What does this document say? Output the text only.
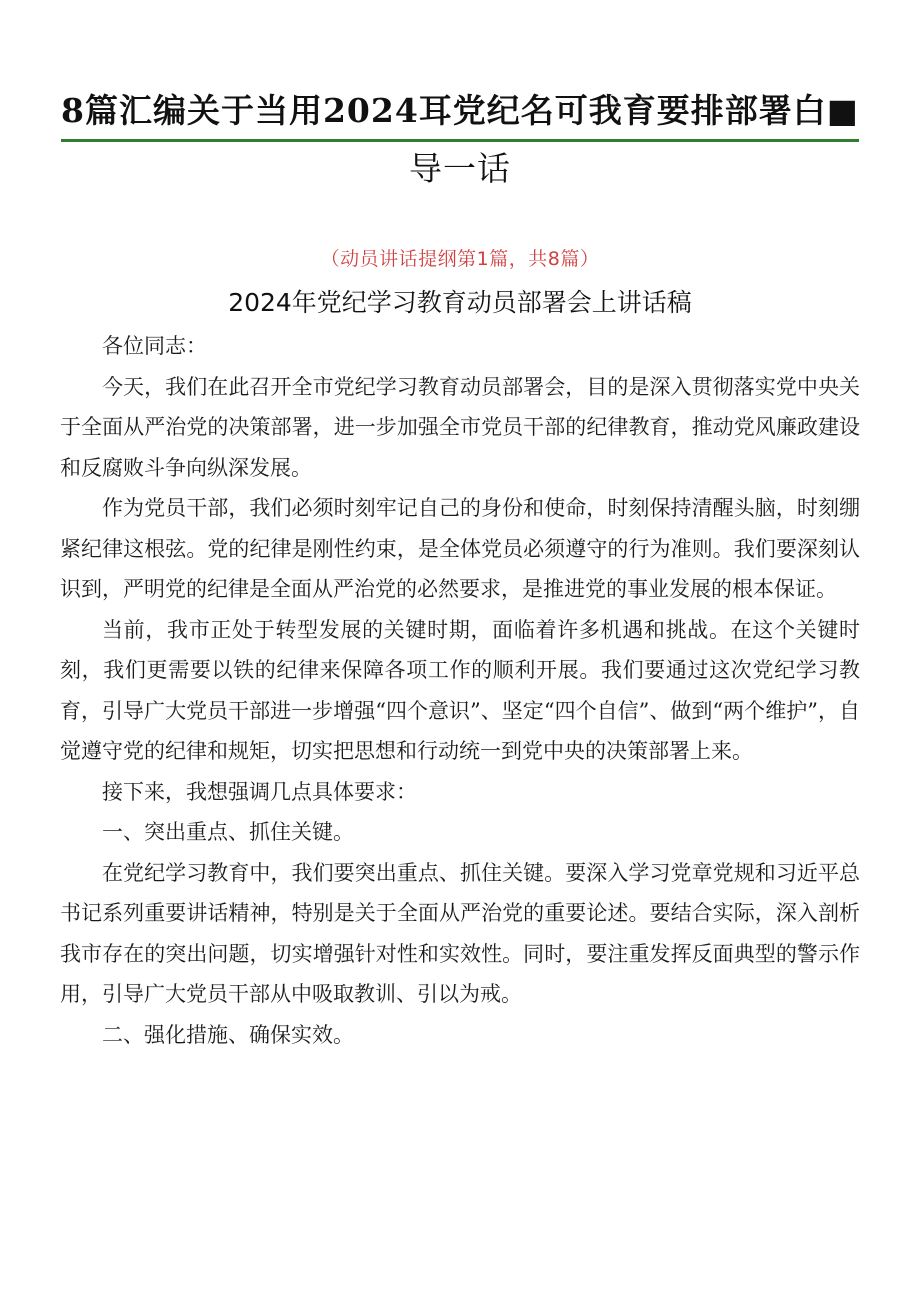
8篇汇编关于当用2024耳党纪名可我育要排部署白■
导一话
（动员讲话提纲第1篇，共8篇）
2024年党纪学习教育动员部署会上讲话稿

各位同志：

今天，我们在此召开全市党纪学习教育动员部署会，目的是深入贯彻落实党中央关于全面从严治党的决策部署，进一步加强全市党员干部的纪律教育，推动党风廉政建设和反腐败斗争向纵深发展。

作为党员干部，我们必须时刻牢记自己的身份和使命，时刻保持清醒头脑，时刻绷紧纪律这根弦。党的纪律是刚性约束，是全体党员必须遵守的行为准则。我们要深刻认识到，严明党的纪律是全面从严治党的必然要求，是推进党的事业发展的根本保证。

当前，我市正处于转型发展的关键时期，面临着许多机遇和挑战。在这个关键时刻，我们更需要以铁的纪律来保障各项工作的顺利开展。我们要通过这次党纪学习教育，引导广大党员干部进一步增强“四个意识”、坚定“四个自信”、做到“两个维护”，自觉遵守党的纪律和规矩，切实把思想和行动统一到党中央的决策部署上来。

接下来，我想强调几点具体要求：

一、突出重点、抓住关键。

在党纪学习教育中，我们要突出重点、抓住关键。要深入学习党章党规和习近平总书记系列重要讲话精神，特别是关于全面从严治党的重要论述。要结合实际，深入剖析我市存在的突出问题，切实增强针对性和实效性。同时，要注重发挥反面典型的警示作用，引导广大党员干部从中吸取教训、引以为戒。

二、强化措施、确保实效。
